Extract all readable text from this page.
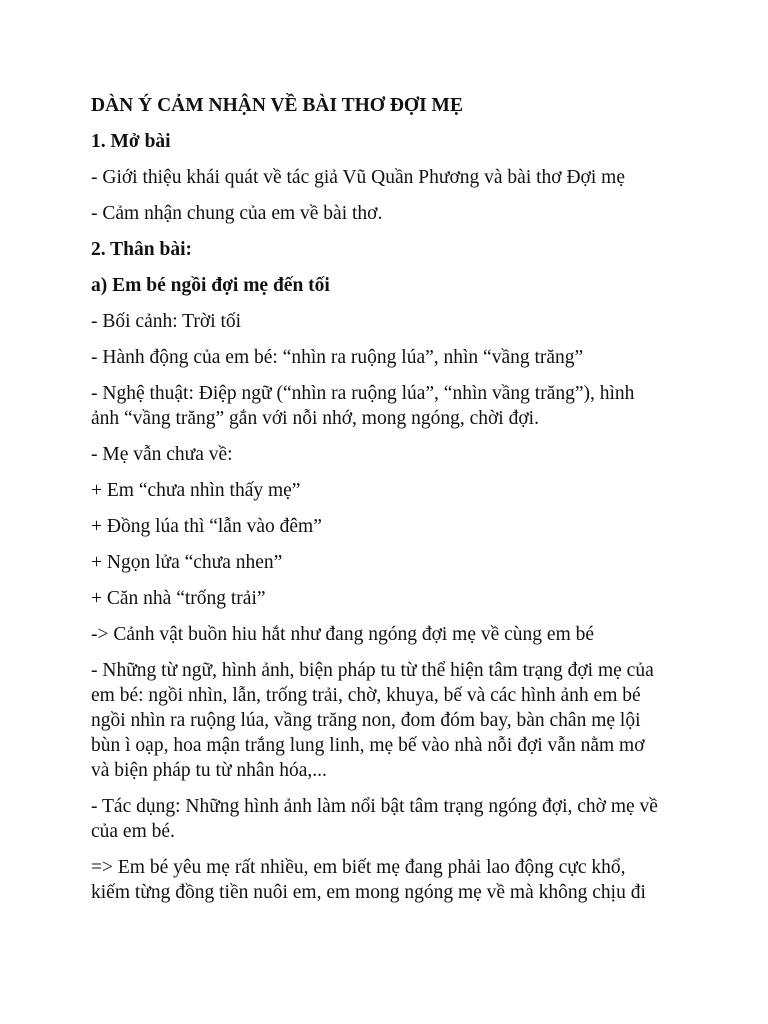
DÀN Ý CẢM NHẬN VỀ BÀI THƠ ĐỢI MẸ
1. Mở bài
- Giới thiệu khái quát về tác giả Vũ Quần Phương và bài thơ Đợi mẹ
- Cảm nhận chung của em về bài thơ.
2. Thân bài:
a) Em bé ngồi đợi mẹ đến tối
- Bối cảnh: Trời tối
- Hành động của em bé: “nhìn ra ruộng lúa”, nhìn “vầng trăng”
- Nghệ thuật: Điệp ngữ (“nhìn ra ruộng lúa”, “nhìn vầng trăng”), hình
ảnh “vầng trăng” gắn với nỗi nhớ, mong ngóng, chời đợi.
- Mẹ vẫn chưa về:
+ Em “chưa nhìn thấy mẹ”
+ Đồng lúa thì “lẫn vào đêm”
+ Ngọn lửa “chưa nhen”
+ Căn nhà “trống trải”
-> Cảnh vật buồn hiu hắt như đang ngóng đợi mẹ về cùng em bé
- Những từ ngữ, hình ảnh, biện pháp tu từ thể hiện tâm trạng đợi mẹ của
em bé: ngồi nhìn, lẫn, trống trải, chờ, khuya, bế và các hình ảnh em bé
ngồi nhìn ra ruộng lúa, vầng trăng non, đom đóm bay, bàn chân mẹ lội
bùn ì oạp, hoa mận trắng lung linh, mẹ bế vào nhà nỗi đợi vẫn nằm mơ
và biện pháp tu từ nhân hóa,...
- Tác dụng: Những hình ảnh làm nổi bật tâm trạng ngóng đợi, chờ mẹ về
của em bé.
=> Em bé yêu mẹ rất nhiều, em biết mẹ đang phải lao động cực khổ,
kiếm từng đồng tiền nuôi em, em mong ngóng mẹ về mà không chịu đi
